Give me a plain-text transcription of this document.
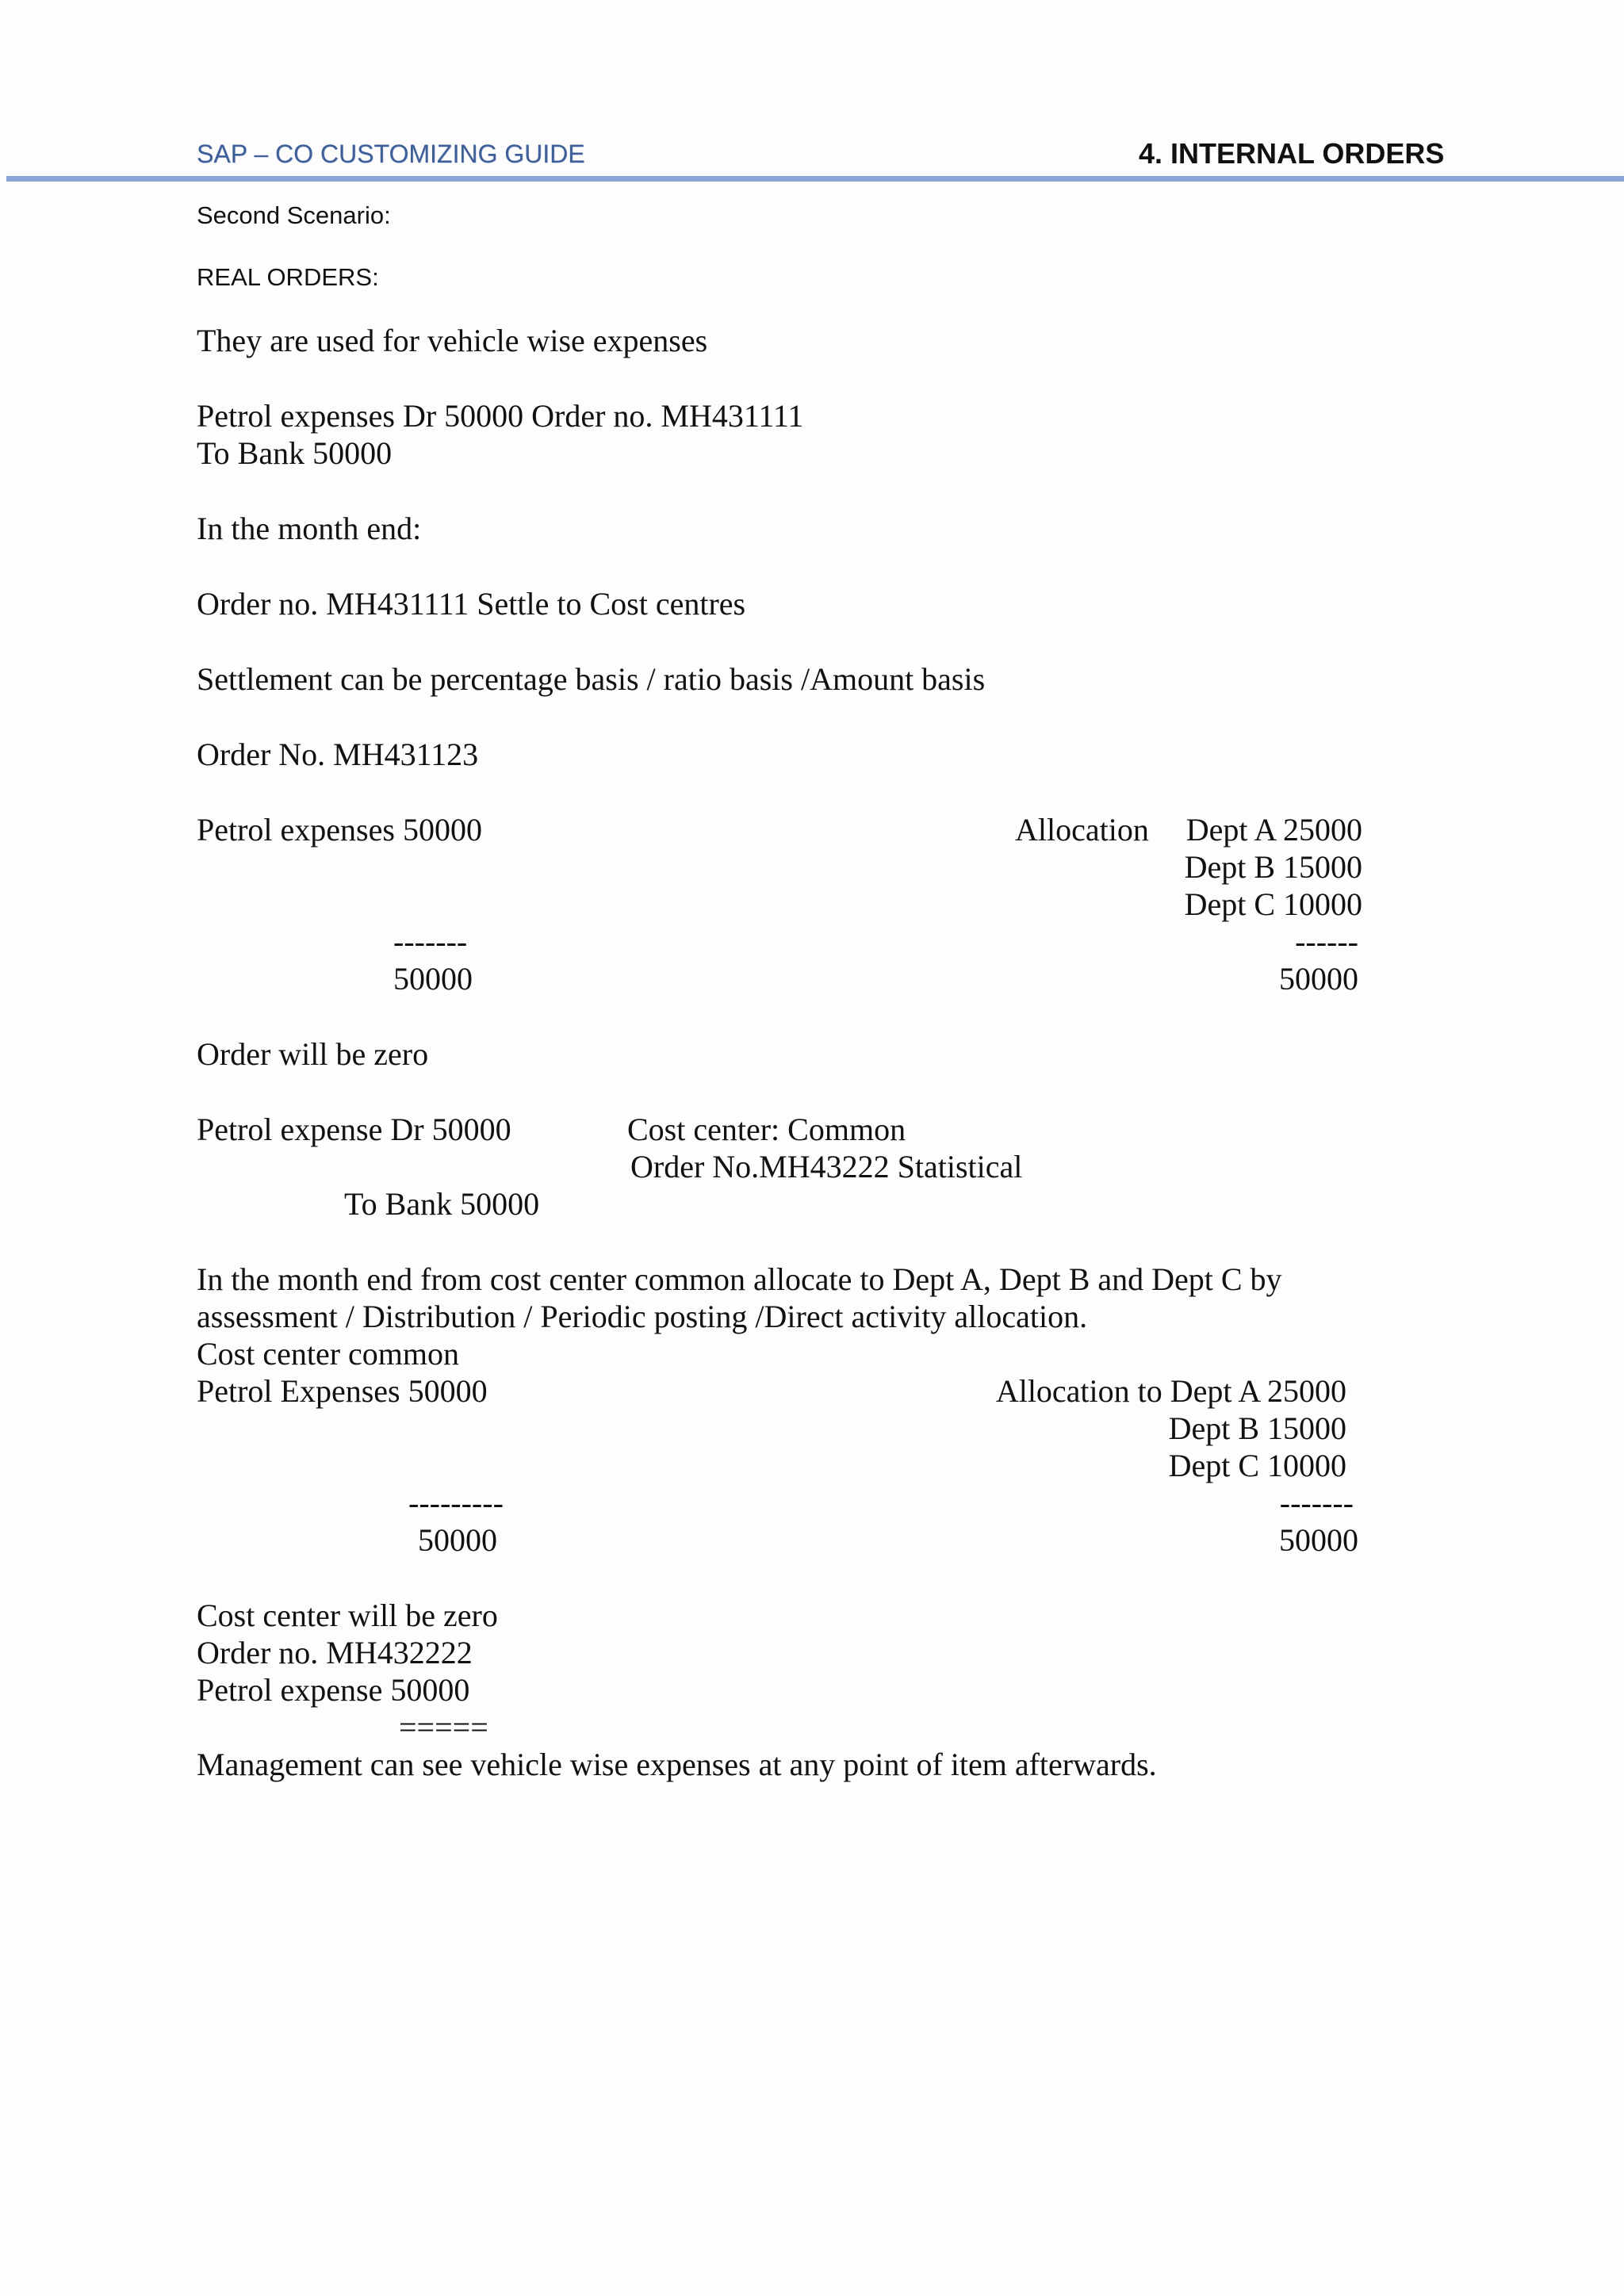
SAP – CO CUSTOMIZING GUIDE	4. INTERNAL ORDERS
Second Scenario:
REAL ORDERS:
They are used for vehicle wise expenses
Petrol expenses Dr 50000 Order no. MH431111
To Bank 50000
In the month end:
Order no. MH431111 Settle to Cost centres
Settlement can be percentage basis / ratio basis /Amount basis
Order No. MH431123
Petrol expenses 50000	Allocation	Dept A 25000
Dept B 15000
Dept C 10000
-------	------
50000	50000
Order will be zero
Petrol expense Dr 50000	Cost center: Common
Order No.MH43222 Statistical
To Bank 50000
In the month end from cost center common allocate to Dept A, Dept B and Dept C by
assessment / Distribution / Periodic posting /Direct activity allocation.
Cost center common
Petrol Expenses 50000	Allocation to Dept A 25000
Dept B 15000
Dept C 10000
---------	-------
50000	50000
Cost center will be zero
Order no. MH432222
Petrol expense 50000
=====
Management can see vehicle wise expenses at any point of item afterwards.
